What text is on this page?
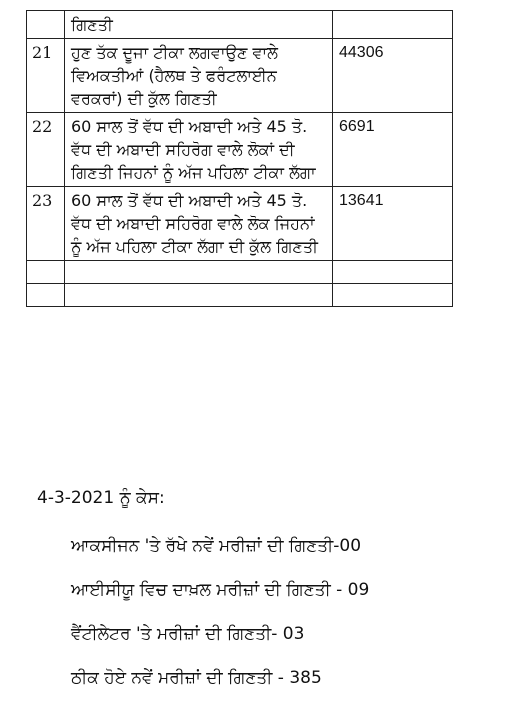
	ਗਿਣਤੀ	
21	ਹੁਣ ਤੱਕ ਦੂਜਾ ਟੀਕਾ ਲਗਵਾਉਣ ਵਾਲੇ ਵਿਅਕਤੀਆਂ (ਹੈਲਥ ਤੇ ਫਰੰਟਲਾਈਨ ਵਰਕਰਾਂ) ਦੀ ਕੁੱਲ ਗਿਣਤੀ	44306
22	60 ਸਾਲ ਤੋਂ ਵੱਧ ਦੀ ਅਬਾਦੀ ਅਤੇ 45 ਤੋ. ਵੱਧ ਦੀ ਅਬਾਦੀ ਸਹਿਰੋਗ ਵਾਲੇ ਲੋਕਾਂ ਦੀ ਗਿਣਤੀ ਜਿਹਨਾਂ ਨੂੰ ਅੱਜ ਪਹਿਲਾ ਟੀਕਾ ਲੱਗਾ	6691
23	60 ਸਾਲ ਤੋਂ ਵੱਧ ਦੀ ਅਬਾਦੀ ਅਤੇ 45 ਤੋ. ਵੱਧ ਦੀ ਅਬਾਦੀ ਸਹਿਰੋਗ ਵਾਲੇ ਲੋਕ ਜਿਹਨਾਂ ਨੂੰ ਅੱਜ ਪਹਿਲਾ ਟੀਕਾ ਲੱਗਾ ਦੀ ਕੁੱਲ ਗਿਣਤੀ	13641

4-3-2021 ਨੂੰ ਕੇਸ:

ਆਕਸੀਜਨ 'ਤੇ ਰੱਖੇ ਨਵੇਂ ਮਰੀਜ਼ਾਂ ਦੀ ਗਿਣਤੀ-00

ਆਈਸੀਯੂ ਵਿਚ ਦਾਖ਼ਲ ਮਰੀਜ਼ਾਂ ਦੀ ਗਿਣਤੀ - 09

ਵੈਂਟੀਲੇਟਰ 'ਤੇ ਮਰੀਜ਼ਾਂ ਦੀ ਗਿਣਤੀ- 03

ਠੀਕ ਹੋਏ ਨਵੇਂ ਮਰੀਜ਼ਾਂ ਦੀ ਗਿਣਤੀ - 385
